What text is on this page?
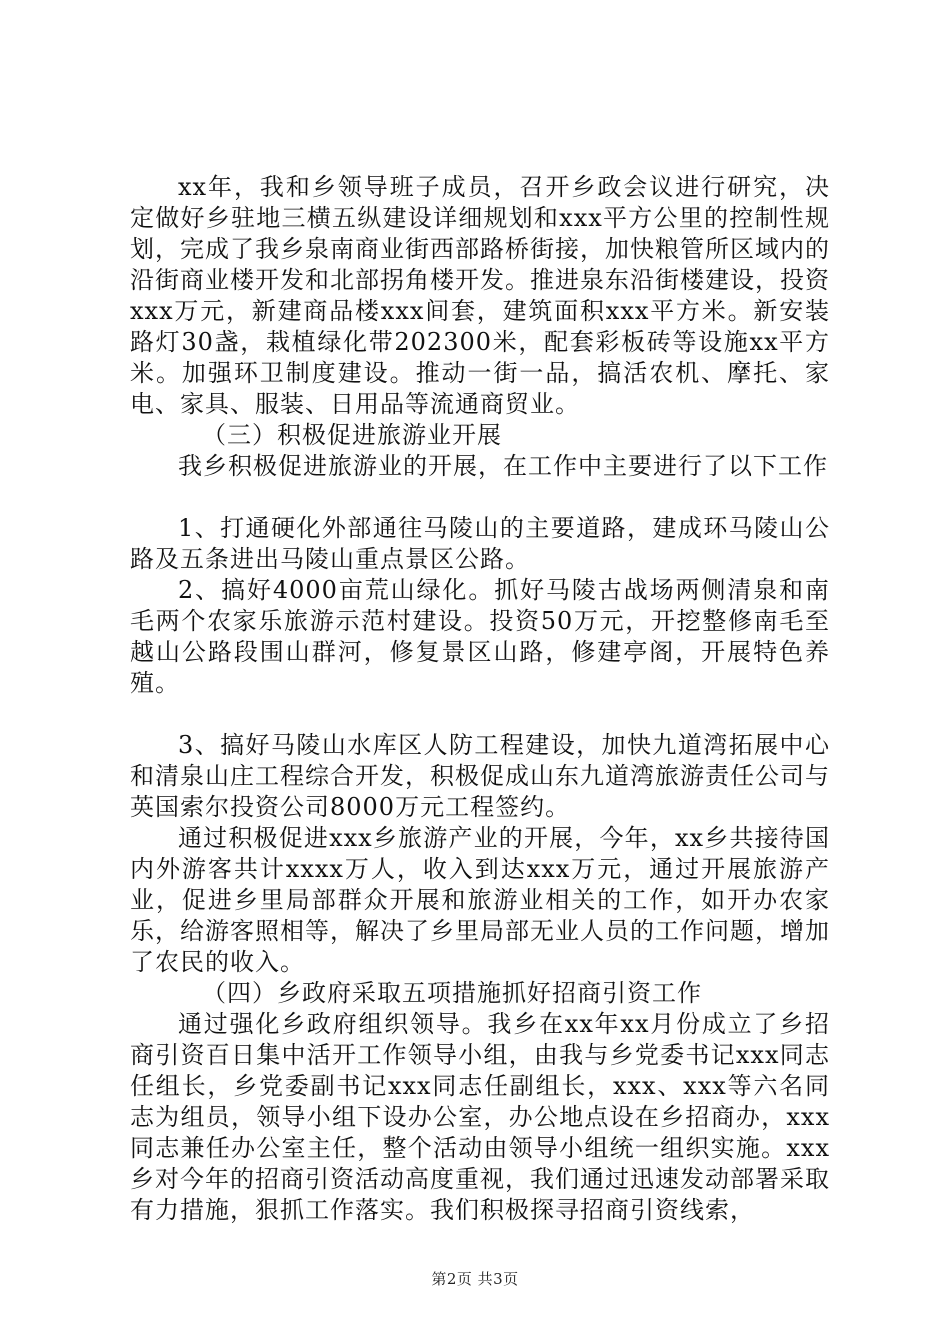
xx年，我和乡领导班子成员，召开乡政会议进行研究，决定做好乡驻地三横五纵建设详细规划和xxx平方公里的控制性规划，完成了我乡泉南商业街西部路桥街接，加快粮管所区域内的沿街商业楼开发和北部拐角楼开发。推进泉东沿街楼建设，投资xxx万元，新建商品楼xxx间套，建筑面积xxx平方米。新安装路灯30盏，栽植绿化带202300米，配套彩板砖等设施xx平方米。加强环卫制度建设。推动一街一品，搞活农机、摩托、家电、家具、服装、日用品等流通商贸业。

（三）积极促进旅游业开展

我乡积极促进旅游业的开展，在工作中主要进行了以下工作

1、打通硬化外部通往马陵山的主要道路，建成环马陵山公路及五条进出马陵山重点景区公路。

2、搞好4000亩荒山绿化。抓好马陵古战场两侧清泉和南毛两个农家乐旅游示范村建设。投资50万元，开挖整修南毛至越山公路段围山群河，修复景区山路，修建亭阁，开展特色养殖。

3、搞好马陵山水库区人防工程建设，加快九道湾拓展中心和清泉山庄工程综合开发，积极促成山东九道湾旅游责任公司与英国索尔投资公司8000万元工程签约。

通过积极促进xxx乡旅游产业的开展，今年，xx乡共接待国内外游客共计xxxx万人，收入到达xxx万元，通过开展旅游产业，促进乡里局部群众开展和旅游业相关的工作，如开办农家乐，给游客照相等，解决了乡里局部无业人员的工作问题，增加了农民的收入。

（四）乡政府采取五项措施抓好招商引资工作

通过强化乡政府组织领导。我乡在xx年xx月份成立了乡招商引资百日集中活开工作领导小组，由我与乡党委书记xxx同志任组长，乡党委副书记xxx同志任副组长，xxx、xxx等六名同志为组员，领导小组下设办公室，办公地点设在乡招商办，xxx同志兼任办公室主任，整个活动由领导小组统一组织实施。xxx乡对今年的招商引资活动高度重视，我们通过迅速发动部署采取有力措施，狠抓工作落实。我们积极探寻招商引资线索，

第2页 共3页
